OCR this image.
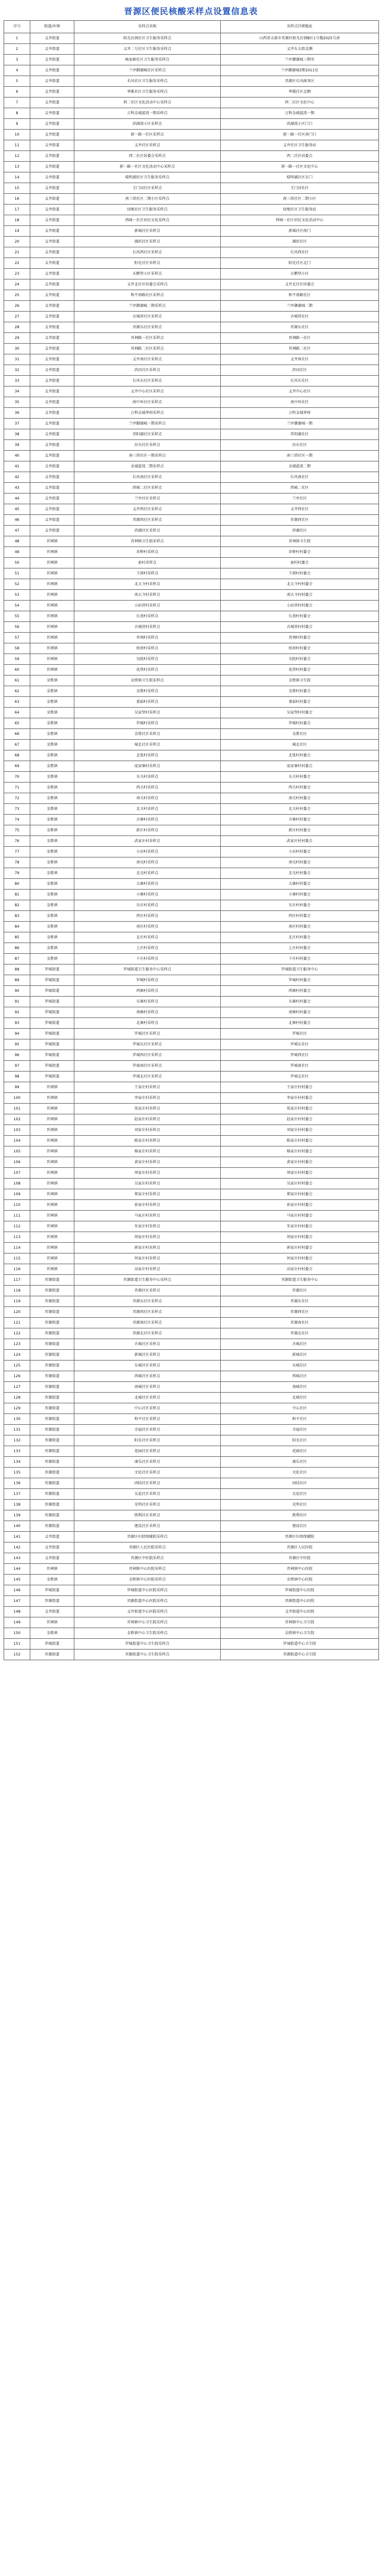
晋源区便民核酸采样点设置信息表
序号	街道/乡镇	采样点名称	采样点详细地址
1	义井街道	阳光岩润社区卫生服务采样点	山西省太原市晋源区阳光岩润B区1号楼2025号房
2	义井街道	义井二号社区卫生服务采样点	义井东大街北侧
3	义井街道	杨家峪社区卫生服务采样点	兰亭御湖城三期旁
4	义井街道	兰亭御湖城社区采样点	兰亭御湖城3期1011室
5	义井街道	长风社区卫生服务采样点	晋源区长风商务区
6	义井街道	华都社区卫生服务采样点	华都社区北侧
7	义井街道	西二社区文化活动中心采样点	西二社区文化中心
8	义井街道	万科金域蓝湾一期采样点	万科金域蓝湾一期
9	义井街道	滨湖湾小区采样点	滨湖湾小区门口
10	义井街道	新一路一社区采样点	新一路一社区南门口
11	义井街道	义井社区采样点	义井社区卫生服务站
12	义井街道	西二社区居委会采样点	西二社区居委会
13	义井街道	新一路一社区文化活动中心采样点	新一路一社区文化中心
14	义井街道	晴明湖社区卫生服务采样点	晴明湖社区东门
15	义井街道	玉门河社区采样点	玉门河社区
16	义井街道	南三塔社区二期小区采样点	南三塔社区二期小区
17	义井街道	绿地社区卫生服务采样点	绿地社区卫生服务站
18	义井街道	西城一社区居民文化采样点	西城一社区居民文化活动中心
19	义井街道	新城社区采样点	新城社区南门
20	义井街道	湖滨社区采样点	湖滨社区
21	义井街道	长风西社区采样点	长风西社区
22	义井街道	阳光社区采样点	阳光社区北门
23	义井街道	天鹅堡小区采样点	天鹅堡小区
24	义井街道	义井北社区居委会采样点	义井北社区居委会
25	义井街道	和平南路社区采样点	和平南路社区
26	义井街道	兰亭御湖城二期采样点	兰亭御湖城二期
27	义井街道	古城营社区采样点	古城营社区
28	义井街道	晋源东社区采样点	晋源东社区
29	义井街道	晋祠路一社区采样点	晋祠路一社区
30	义井街道	晋祠路二社区采样点	晋祠路二社区
31	义井街道	义井南社区采样点	义井南社区
32	义井街道	滨河社区采样点	滨河社区
33	义井街道	长风东社区采样点	长风东社区
34	义井街道	义井中心社区采样点	义井中心社区
35	义井街道	南中环社区采样点	南中环社区
36	义井街道	万科金域华府采样点	万科金域华府
37	义井街道	兰亭御湖城一期采样点	兰亭御湖城一期
38	义井街道	晋阳湖社区采样点	晋阳湖社区
39	义井街道	汾东社区采样点	汾东社区
40	义井街道	南三塔社区一期采样点	南三塔社区一期
41	义井街道	金域蓝湾二期采样点	金域蓝湾二期
42	义井街道	长风南社区采样点	长风南社区
43	义井街道	西城二社区采样点	西城二社区
44	义井街道	兰亭社区采样点	兰亭社区
45	义井街道	义井西社区采样点	义井西社区
46	义井街道	晋源西社区采样点	晋源西社区
47	义井街道	滨湖社区采样点	滨湖社区
48	晋祠镇	晋祠镇卫生院采样点	晋祠镇卫生院
49	晋祠镇	赤桥村采样点	赤桥村村委会
50	晋祠镇	索村采样点	索村村委会
51	晋祠镇	王郭村采样点	王郭村村委会
52	晋祠镇	北大寺村采样点	北大寺村村委会
53	晋祠镇	南大寺村采样点	南大寺村村委会
54	晋祠镇	小站营村采样点	小站营村村委会
55	晋祠镇	长巷村采样点	长巷村村委会
56	晋祠镇	古城营村采样点	古城营村村委会
57	晋祠镇	晋祠村采样点	晋祠村村委会
58	晋祠镇	纸房村采样点	纸房村村委会
59	晋祠镇	东院村采样点	东院村村委会
60	晋祠镇	花塔村采样点	花塔村村委会
61	金胜镇	金胜镇卫生院采样点	金胜镇卫生院
62	金胜镇	金胜村采样点	金胜村村委会
63	金胜镇	董茹村采样点	董茹村村委会
64	金胜镇	吴家堡村采样点	吴家堡村村委会
65	金胜镇	罗城村采样点	罗城村村委会
66	金胜镇	金胜社区采样点	金胜社区
67	金胜镇	城北社区采样点	城北社区
68	金胜镇	北张村采样点	北张村村委会
69	金胜镇	庞家寨村采样点	庞家寨村村委会
70	金胜镇	东关村采样点	东关村村委会
71	金胜镇	西关村采样点	西关村村委会
72	金胜镇	南关村采样点	南关村村委会
73	金胜镇	北关村采样点	北关村村委会
74	金胜镇	古寨村采样点	古寨村村委会
75	金胜镇	新庄村采样点	新庄村村委会
76	金胜镇	武家庄村采样点	武家庄村村委会
77	金胜镇	小店村采样点	小店村村委会
78	金胜镇	南屯村采样点	南屯村村委会
79	金胜镇	北屯村采样点	北屯村村委会
80	金胜镇	大寨村采样点	大寨村村委会
81	金胜镇	小寨村采样点	小寨村村委会
82	金胜镇	东庄村采样点	东庄村村委会
83	金胜镇	西庄村采样点	西庄村村委会
84	金胜镇	南庄村采样点	南庄村村委会
85	金胜镇	北庄村采样点	北庄村村委会
86	金胜镇	上庄村采样点	上庄村村委会
87	金胜镇	下庄村采样点	下庄村村委会
88	罗城街道	罗城街道卫生服务中心采样点	罗城街道卫生服务中心
89	罗城街道	罗城村采样点	罗城村村委会
90	罗城街道	西寨村采样点	西寨村村委会
91	罗城街道	东寨村采样点	东寨村村委会
92	罗城街道	南寨村采样点	南寨村村委会
93	罗城街道	北寨村采样点	北寨村村委会
94	罗城街道	罗城社区采样点	罗城社区
95	罗城街道	罗城东社区采样点	罗城东社区
96	罗城街道	罗城西社区采样点	罗城西社区
97	罗城街道	罗城南社区采样点	罗城南社区
98	罗城街道	罗城北社区采样点	罗城北社区
99	晋祠镇	王家庄村采样点	王家庄村村委会
100	晋祠镇	李家庄村采样点	李家庄村村委会
101	晋祠镇	张家庄村采样点	张家庄村村委会
102	晋祠镇	赵家庄村采样点	赵家庄村村委会
103	晋祠镇	刘家庄村采样点	刘家庄村村委会
104	晋祠镇	陈家庄村采样点	陈家庄村村委会
105	晋祠镇	杨家庄村采样点	杨家庄村村委会
106	晋祠镇	黄家庄村采样点	黄家庄村村委会
107	晋祠镇	周家庄村采样点	周家庄村村委会
108	晋祠镇	吴家庄村采样点	吴家庄村村委会
109	晋祠镇	郑家庄村采样点	郑家庄村村委会
110	晋祠镇	孙家庄村采样点	孙家庄村村委会
111	晋祠镇	马家庄村采样点	马家庄村村委会
112	晋祠镇	朱家庄村采样点	朱家庄村村委会
113	晋祠镇	胡家庄村采样点	胡家庄村村委会
114	晋祠镇	郭家庄村采样点	郭家庄村村委会
115	晋祠镇	何家庄村采样点	何家庄村村委会
116	晋祠镇	高家庄村采样点	高家庄村村委会
117	晋源街道	晋源街道卫生服务中心采样点	晋源街道卫生服务中心
118	晋源街道	晋源社区采样点	晋源社区
119	晋源街道	晋源东社区采样点	晋源东社区
120	晋源街道	晋源西社区采样点	晋源西社区
121	晋源街道	晋源南社区采样点	晋源南社区
122	晋源街道	晋源北社区采样点	晋源北社区
123	晋源街道	古城社区采样点	古城社区
124	晋源街道	新城社区采样点	新城社区
125	晋源街道	东城社区采样点	东城社区
126	晋源街道	西城社区采样点	西城社区
127	晋源街道	南城社区采样点	南城社区
128	晋源街道	北城社区采样点	北城社区
129	晋源街道	中心社区采样点	中心社区
130	晋源街道	和平社区采样点	和平社区
131	晋源街道	幸福社区采样点	幸福社区
132	晋源街道	阳光社区采样点	阳光社区
133	晋源街道	花园社区采样点	花园社区
134	晋源街道	康乐社区采样点	康乐社区
135	晋源街道	文化社区采样点	文化社区
136	晋源街道	团结社区采样点	团结社区
137	晋源街道	友谊社区采样点	友谊社区
138	晋源街道	光明社区采样点	光明社区
139	晋源街道	胜利社区采样点	胜利社区
140	晋源街道	建设社区采样点	建设社区
141	义井街道	晋源区妇幼保健院采样点	晋源区妇幼保健院
142	义井街道	晋源区人民医院采样点	晋源区人民医院
143	义井街道	晋源区中医院采样点	晋源区中医院
144	晋祠镇	晋祠镇中心医院采样点	晋祠镇中心医院
145	金胜镇	金胜镇中心医院采样点	金胜镇中心医院
146	罗城街道	罗城街道中心医院采样点	罗城街道中心医院
147	晋源街道	晋源街道中心医院采样点	晋源街道中心医院
148	义井街道	义井街道中心医院采样点	义井街道中心医院
149	晋祠镇	晋祠镇中心卫生院采样点	晋祠镇中心卫生院
150	金胜镇	金胜镇中心卫生院采样点	金胜镇中心卫生院
151	罗城街道	罗城街道中心卫生院采样点	罗城街道中心卫生院
152	晋源街道	晋源街道中心卫生院采样点	晋源街道中心卫生院
